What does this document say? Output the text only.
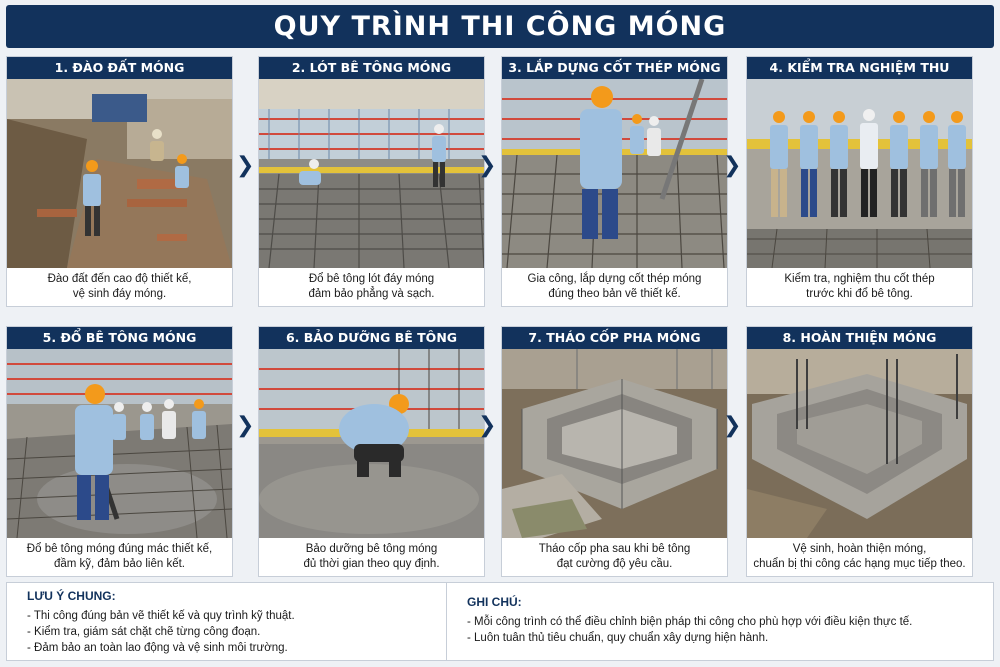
QUY TRÌNH THI CÔNG MÓNG
1. ĐÀO ĐẤT MÓNG
Đào đất đến cao độ thiết kế,
vệ sinh đáy móng.
❯
2. LÓT BÊ TÔNG MÓNG
Đổ bê tông lót đáy móng
đảm bảo phẳng và sạch.
❯
3. LẮP DỰNG CỐT THÉP MÓNG
Gia công, lắp dựng cốt thép móng
đúng theo bản vẽ thiết kế.
❯
4. KIỂM TRA NGHIỆM THU
Kiểm tra, nghiệm thu cốt thép
trước khi đổ bê tông.
5. ĐỔ BÊ TÔNG MÓNG
Đổ bê tông móng đúng mác thiết kế,
đầm kỹ, đảm bảo liên kết.
❯
6. BẢO DƯỠNG BÊ TÔNG
Bảo dưỡng bê tông móng
đủ thời gian theo quy định.
❯
7. THÁO CỐP PHA MÓNG
Tháo cốp pha sau khi bê tông
đạt cường độ yêu cầu.
❯
8. HOÀN THIỆN MÓNG
Vệ sinh, hoàn thiện móng,
chuẩn bị thi công các hạng mục tiếp theo.
LƯU Ý CHUNG:
- Thi công đúng bản vẽ thiết kế và quy trình kỹ thuật.
- Kiểm tra, giám sát chặt chẽ từng công đoạn.
- Đảm bảo an toàn lao động và vệ sinh môi trường.
GHI CHÚ:
- Mỗi công trình có thể điều chỉnh biện pháp thi công cho phù hợp với điều kiện thực tế.
- Luôn tuân thủ tiêu chuẩn, quy chuẩn xây dựng hiện hành.
